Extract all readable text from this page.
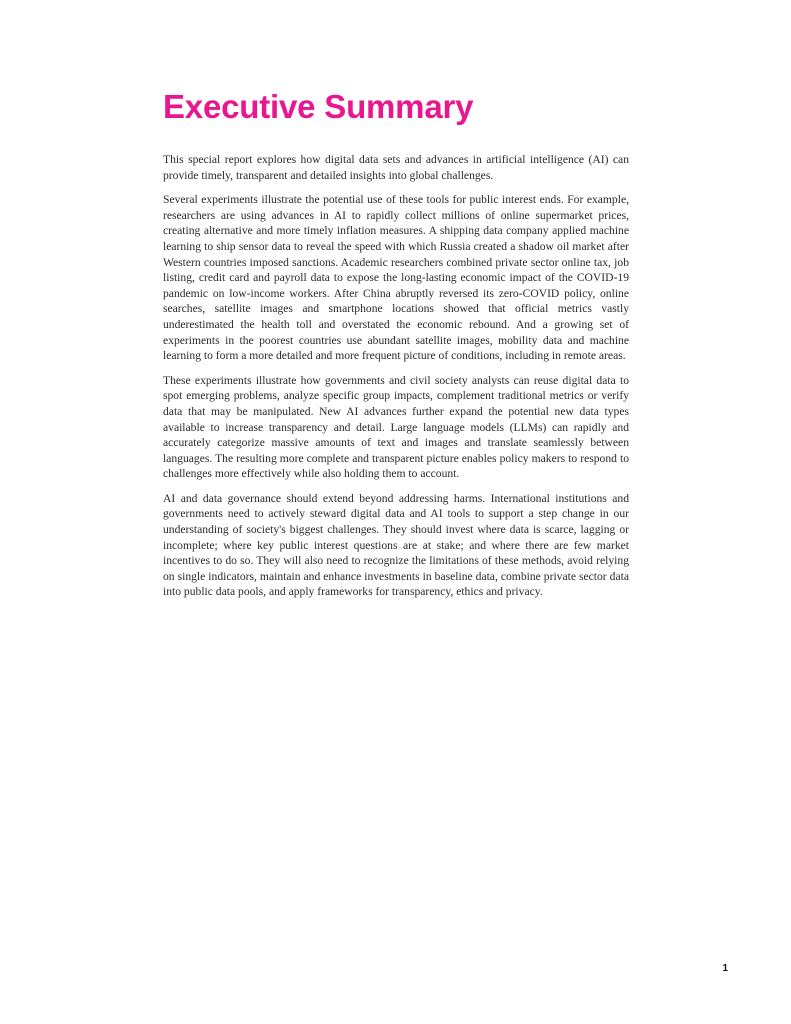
Executive Summary

This special report explores how digital data sets and advances in artificial intelligence (AI) can provide timely, transparent and detailed insights into global challenges.

Several experiments illustrate the potential use of these tools for public interest ends. For example, researchers are using advances in AI to rapidly collect millions of online supermarket prices, creating alternative and more timely inflation measures. A shipping data company applied machine learning to ship sensor data to reveal the speed with which Russia created a shadow oil market after Western countries imposed sanctions. Academic researchers combined private sector online tax, job listing, credit card and payroll data to expose the long-lasting economic impact of the COVID-19 pandemic on low-income workers. After China abruptly reversed its zero-COVID policy, online searches, satellite images and smartphone locations showed that official metrics vastly underestimated the health toll and overstated the economic rebound. And a growing set of experiments in the poorest countries use abundant satellite images, mobility data and machine learning to form a more detailed and more frequent picture of conditions, including in remote areas.

These experiments illustrate how governments and civil society analysts can reuse digital data to spot emerging problems, analyze specific group impacts, complement traditional metrics or verify data that may be manipulated. New AI advances further expand the potential new data types available to increase transparency and detail. Large language models (LLMs) can rapidly and accurately categorize massive amounts of text and images and translate seamlessly between languages. The resulting more complete and transparent picture enables policy makers to respond to challenges more effectively while also holding them to account.

AI and data governance should extend beyond addressing harms. International institutions and governments need to actively steward digital data and AI tools to support a step change in our understanding of society's biggest challenges. They should invest where data is scarce, lagging or incomplete; where key public interest questions are at stake; and where there are few market incentives to do so. They will also need to recognize the limitations of these methods, avoid relying on single indicators, maintain and enhance investments in baseline data, combine private sector data into public data pools, and apply frameworks for transparency, ethics and privacy.

1
